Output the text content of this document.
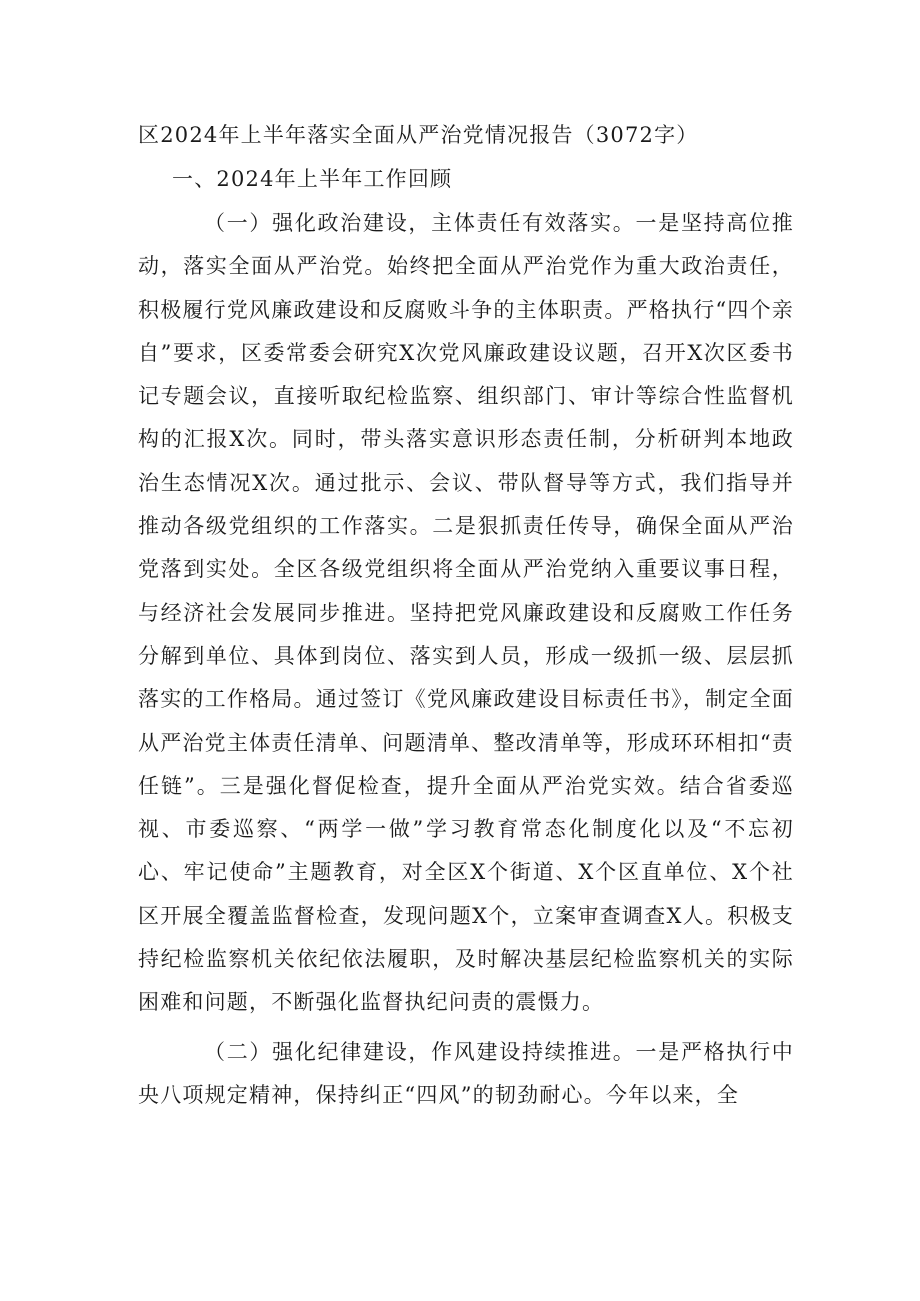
区2024年上半年落实全面从严治党情况报告（3072字）
一、2024年上半年工作回顾

（一）强化政治建设，主体责任有效落实。一是坚持高位推动，落实全面从严治党。始终把全面从严治党作为重大政治责任，积极履行党风廉政建设和反腐败斗争的主体职责。严格执行“四个亲自”要求，区委常委会研究X次党风廉政建设议题，召开X次区委书记专题会议，直接听取纪检监察、组织部门、审计等综合性监督机构的汇报X次。同时，带头落实意识形态责任制，分析研判本地政治生态情况X次。通过批示、会议、带队督导等方式，我们指导并推动各级党组织的工作落实。二是狠抓责任传导，确保全面从严治党落到实处。全区各级党组织将全面从严治党纳入重要议事日程，与经济社会发展同步推进。坚持把党风廉政建设和反腐败工作任务分解到单位、具体到岗位、落实到人员，形成一级抓一级、层层抓落实的工作格局。通过签订《党风廉政建设目标责任书》，制定全面从严治党主体责任清单、问题清单、整改清单等，形成环环相扣“责任链”。三是强化督促检查，提升全面从严治党实效。结合省委巡视、市委巡察、“两学一做”学习教育常态化制度化以及“不忘初心、牢记使命”主题教育，对全区X个街道、X个区直单位、X个社区开展全覆盖监督检查，发现问题X个，立案审查调查X人。积极支持纪检监察机关依纪依法履职，及时解决基层纪检监察机关的实际困难和问题，不断强化监督执纪问责的震慑力。

（二）强化纪律建设，作风建设持续推进。一是严格执行中央八项规定精神，保持纠正“四风”的韧劲耐心。今年以来，全
